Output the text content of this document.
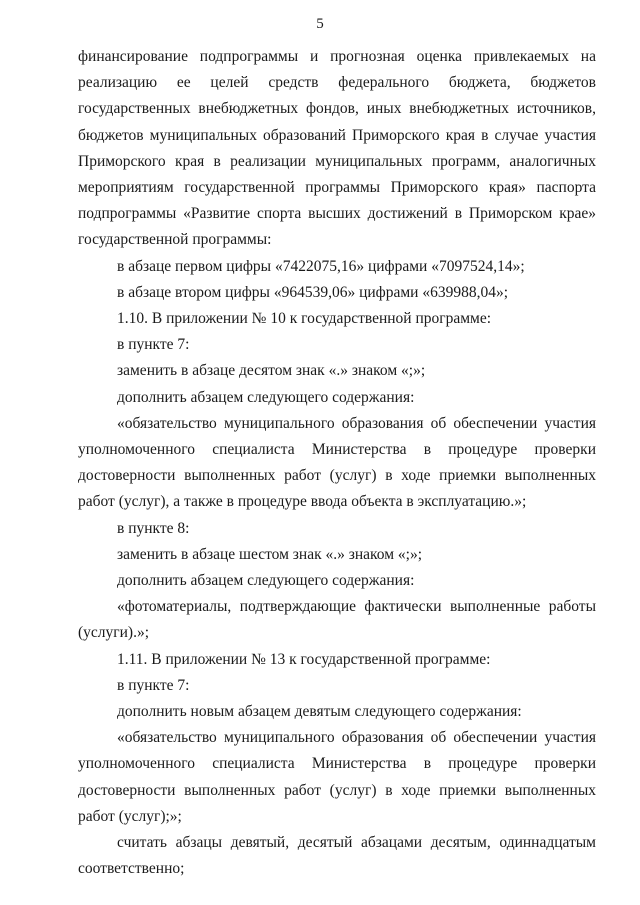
5

финансирование подпрограммы и прогнозная оценка привлекаемых на реализацию ее целей средств федерального бюджета, бюджетов государственных внебюджетных фондов, иных внебюджетных источников, бюджетов муниципальных образований Приморского края в случае участия Приморского края в реализации муниципальных программ, аналогичных мероприятиям государственной программы Приморского края» паспорта подпрограммы «Развитие спорта высших достижений в Приморском крае» государственной программы:

в абзаце первом цифры «7422075,16» цифрами «7097524,14»;

в абзаце втором цифры «964539,06» цифрами «639988,04»;

1.10. В приложении № 10 к государственной программе:

в пункте 7:

заменить в абзаце десятом знак «.» знаком «;»;

дополнить абзацем следующего содержания:

«обязательство муниципального образования об обеспечении участия уполномоченного специалиста Министерства в процедуре проверки достоверности выполненных работ (услуг) в ходе приемки выполненных работ (услуг), а также в процедуре ввода объекта в эксплуатацию.»;

в пункте 8:

заменить в абзаце шестом знак «.» знаком «;»;

дополнить абзацем следующего содержания:

«фотоматериалы, подтверждающие фактически выполненные работы (услуги).»;

1.11. В приложении № 13 к государственной программе:

в пункте 7:

дополнить новым абзацем девятым следующего содержания:

«обязательство муниципального образования об обеспечении участия уполномоченного специалиста Министерства в процедуре проверки достоверности выполненных работ (услуг) в ходе приемки выполненных работ (услуг);»;

считать абзацы девятый, десятый абзацами десятым, одиннадцатым соответственно;
